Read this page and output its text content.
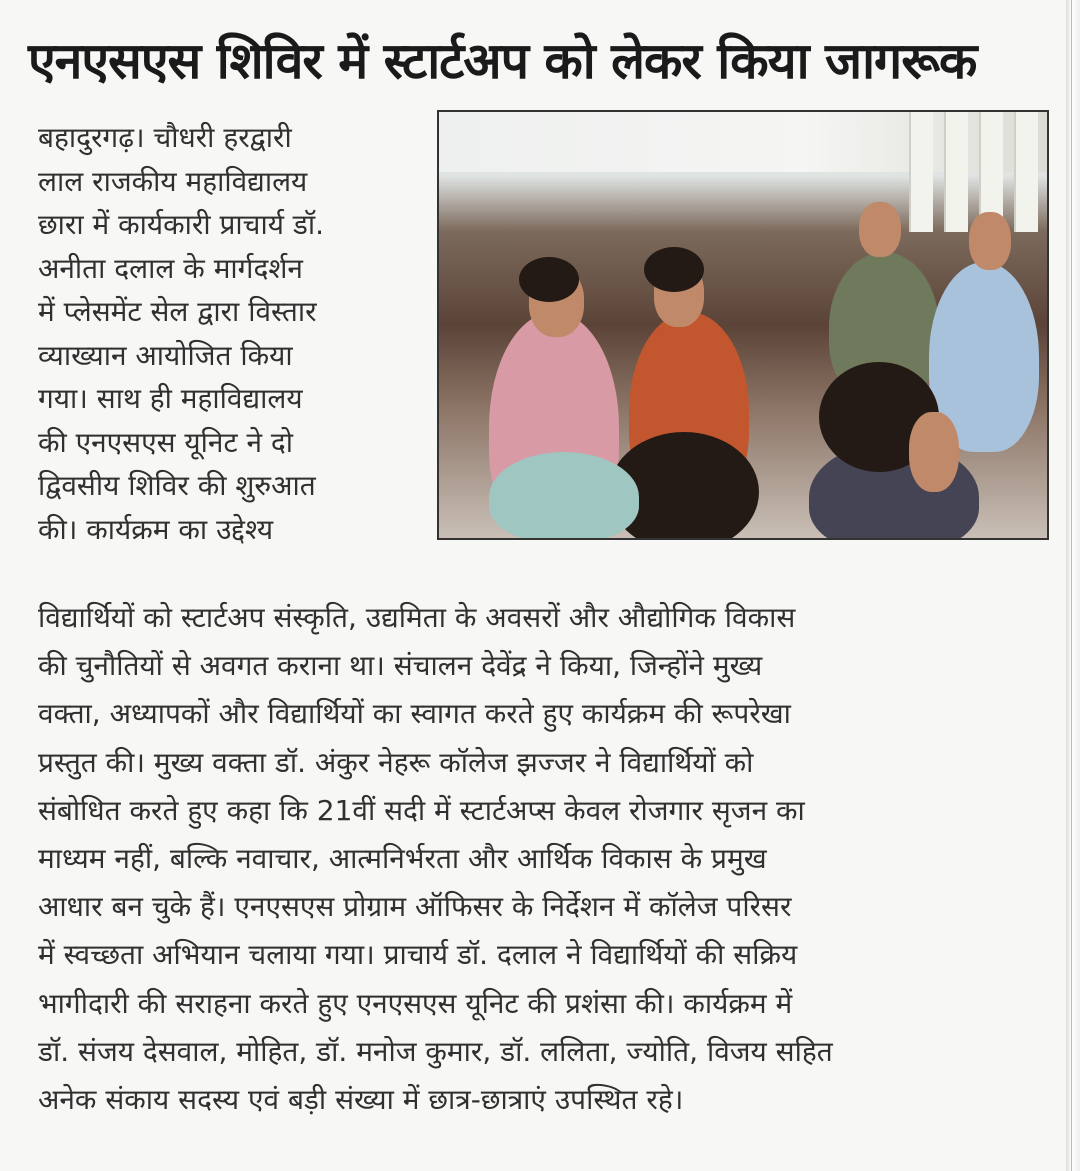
एनएसएस शिविर में स्टार्टअप को लेकर किया जागरूक
बहादुरगढ़। चौधरी हरद्वारी
लाल राजकीय महाविद्यालय
छारा में कार्यकारी प्राचार्य डॉ.
अनीता दलाल के मार्गदर्शन
में प्लेसमेंट सेल द्वारा विस्तार
व्याख्यान आयोजित किया
गया। साथ ही महाविद्यालय
की एनएसएस यूनिट ने दो
द्विवसीय शिविर की शुरुआत
की। कार्यक्रम का उद्देश्य
विद्यार्थियों को स्टार्टअप संस्कृति, उद्यमिता के अवसरों और औद्योगिक विकास
की चुनौतियों से अवगत कराना था। संचालन देवेंद्र ने किया, जिन्होंने मुख्य
वक्ता, अध्यापकों और विद्यार्थियों का स्वागत करते हुए कार्यक्रम की रूपरेखा
प्रस्तुत की। मुख्य वक्ता डॉ. अंकुर नेहरू कॉलेज झज्जर ने विद्यार्थियों को
संबोधित करते हुए कहा कि 21वीं सदी में स्टार्टअप्स केवल रोजगार सृजन का
माध्यम नहीं, बल्कि नवाचार, आत्मनिर्भरता और आर्थिक विकास के प्रमुख
आधार बन चुके हैं। एनएसएस प्रोग्राम ऑफिसर के निर्देशन में कॉलेज परिसर
में स्वच्छता अभियान चलाया गया। प्राचार्य डॉ. दलाल ने विद्यार्थियों की सक्रिय
भागीदारी की सराहना करते हुए एनएसएस यूनिट की प्रशंसा की। कार्यक्रम में
डॉ. संजय देसवाल, मोहित, डॉ. मनोज कुमार, डॉ. ललिता, ज्योति, विजय सहित
अनेक संकाय सदस्य एवं बड़ी संख्या में छात्र-छात्राएं उपस्थित रहे।
